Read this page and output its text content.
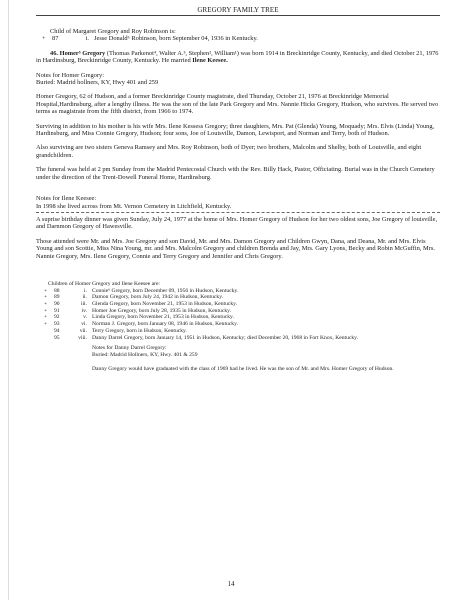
GREGORY FAMILY TREE

Child of Margaret Gregory and Roy Robinson is:

+ 87	i. Jesse Donald⁶ Robinson, born September 04, 1936 in Kentucky.

46. Homer⁵ Gregory (Thomas Parkenot⁴, Walter A.³, Stephen², William¹) was born 1914 in Breckinridge County, Kentucky, and died October 21, 1976 in Hardinsburg, Breckinridge County, Kentucky. He married Ilene Keesee.

Notes for Homer Gregory:

Buried: Madrid hollners, KY, Hwy 401 and 259

Homer Gregory, 62 of Hudson, and a former Breckinridge County magistrate, died Thursday, October 21, 1976 at Breckinridge Memorial Hospital,Hardinsburg, after a lengthy illness. He was the son of the late Park Gregory and Mrs. Nannie Hicks Gregory, Hudson, who survives. He served two terms as magistrate from the fifth district, from 1966 to 1974.

Surviving in addition to his mother is his wife Mrs. Ilene Kessess Gregory; three daughters, Mrs. Pat (Glenda) Young, Moquady; Mrs. Elvis (Linda) Young, Hardinsburg, and Miss Connie Gregory, Hudson; four sons, Joe of Louisville, Damon, Lewisport, and Norman and Terry, both of Hudson.

Also surviving are two sisters Geneva Ramsey and Mrs. Roy Robinson, both of Dyer; two brothers, Malcolm and Shelby, both of Louisville, and eight grandchildren.

The funeral was held at 2 pm Sunday from the Madrid Pentecostal Church with the Rev. Billy Hack, Pastor, Officiating. Burial was in the Church Cemetery under the direction of the Trent-Dowell Funeral Home, Hardinsburg.

Notes for Ilene Keesee:

In 1998 she lived across from Mt. Vernon Cemetery in Litchfield, Kentucky.

A suprise birthday dinner was given Sunday, July 24, 1977 at the home of Mrs. Homer Gregory of Hudson for her two oldest sons, Joe Gregory of louisville, and Darnmon Gregory of Hawesville.

Those attended were Mr. and Mrs. Joe Gregory and son David, Mr. and Mrs. Damon Gregory and Children Gwyn, Dana, and Deana, Mr. and Mrs. Elvis Young and son Scottie, Miss Nina Young, mr. and Mrs. Malcolm Gregory and children Brenda and Jay, Mrs. Gary Lyons, Becky and Robin McGuffin, Mrs. Nannie Gregory, Mrs. Ilene Gregory, Connie and Terry Gregory and Jennifer and Chris Gregory.

Children of Homer Gregory and Ilene Keesee are:

+	88	i. Connie⁶ Gregory, born December 09, 1956 in Hudson, Kentucky.
+	89	ii. Damon Gregory, born July 24, 1942 in Hudson, Kentucky.
+	90	iii. Glenda Gregory, born November 21, 1953 in Hudson, Kentucky.
+	91	iv. Homer Joe Gregory, born July 28, 1935 in Hudson, Kentucky.
+	92	v. Linda Gregory, born November 21, 1953 in Hudson, Kentucky.
+	93	vi. Norman J. Gregory, born January 08, 1946 in Hudson, Kentucky.
94	vii. Terry Gregory, born in Hudson, Kentucky.
95	viii. Danny Darrel Gregory, born January 14, 1951 in Hudson, Kentucky; died December 20, 1968 in Fort Knox, Kentucky.

Notes for Danny Darrel Gregory:

Buried: Madrid Hollners, KY, Hwy. 401 & 259

Danny Gregory would have graduated with the class of 1969 had he lived. He was the son of Mr. and Mrs. Homer Gregory of Hudson.

14
